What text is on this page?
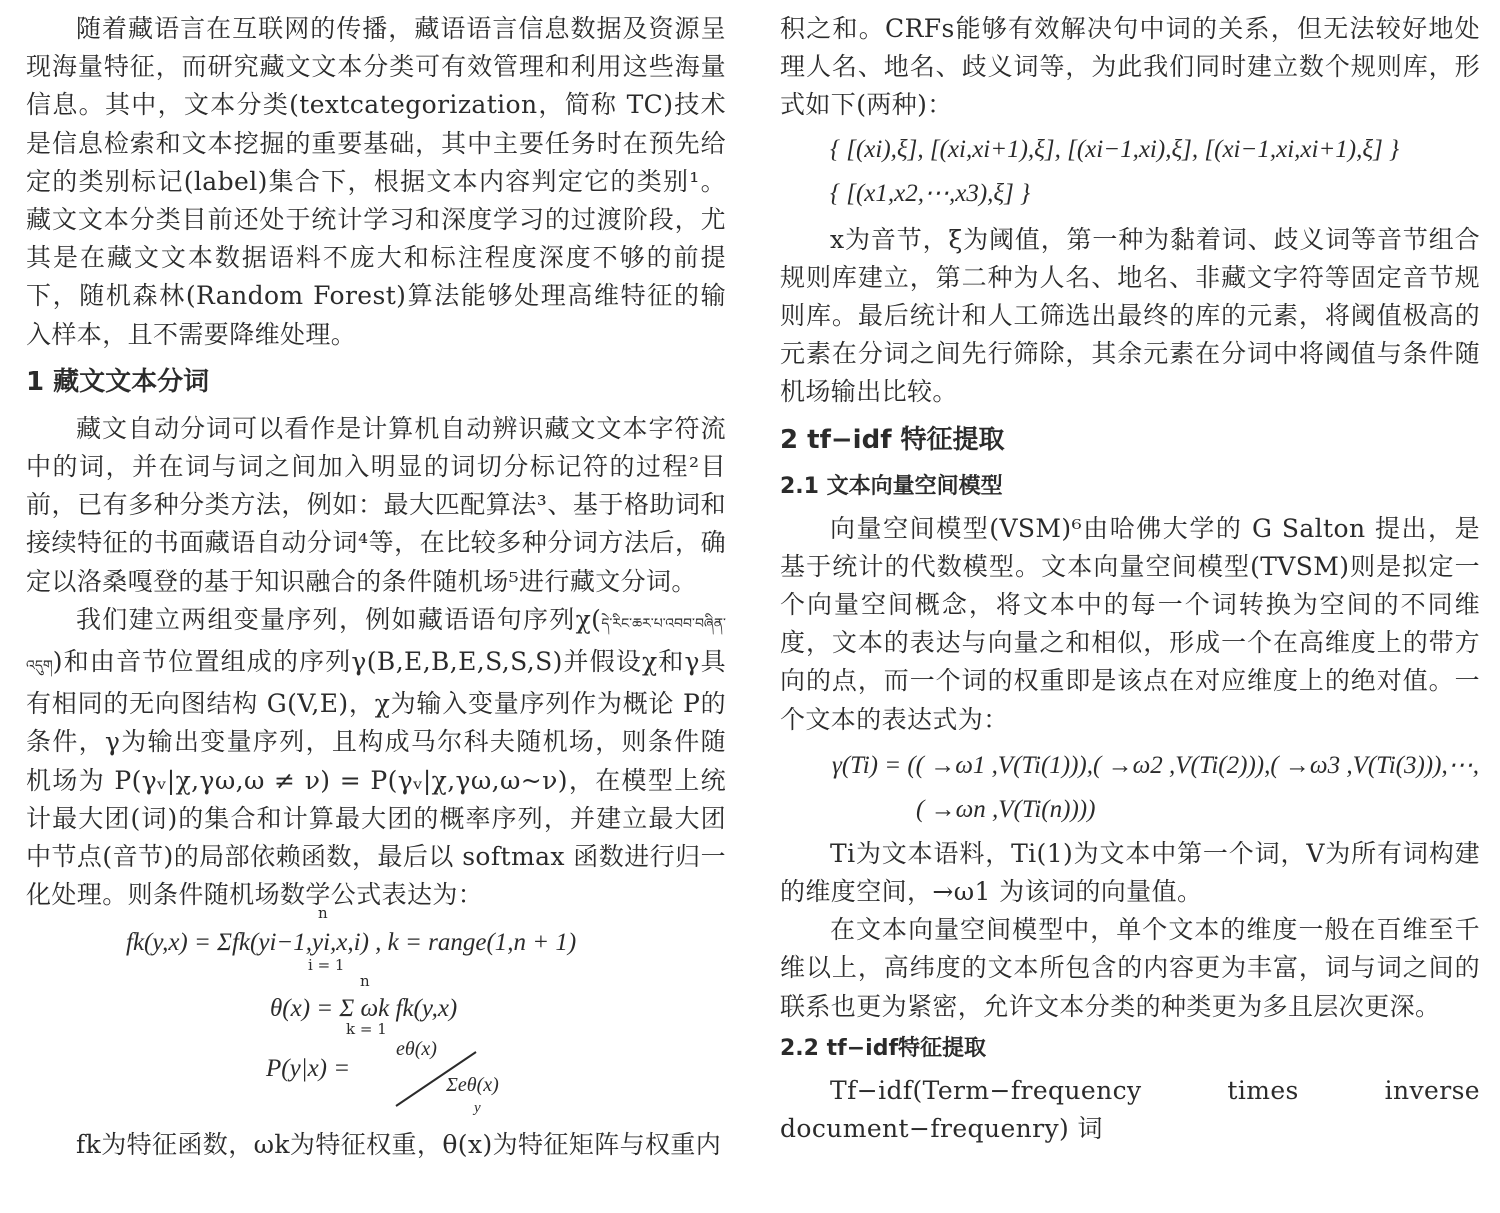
随着藏语言在互联网的传播，藏语语言信息数据及资源呈现海量特征，而研究藏文文本分类可有效管理和利用这些海量信息。其中，文本分类(textcategorization，简称 TC)技术是信息检索和文本挖掘的重要基础，其中主要任务时在预先给定的类别标记(label)集合下，根据文本内容判定它的类别¹。藏文文本分类目前还处于统计学习和深度学习的过渡阶段，尤其是在藏文文本数据语料不庞大和标注程度深度不够的前提下，随机森林(Random Forest)算法能够处理高维特征的输入样本，且不需要降维处理。

1 藏文文本分词

藏文自动分词可以看作是计算机自动辨识藏文文本字符流中的词，并在词与词之间加入明显的词切分标记符的过程²目前，已有多种分类方法，例如：最大匹配算法³、基于格助词和接续特征的书面藏语自动分词⁴等，在比较多种分词方法后，确定以洛桑嘎登的基于知识融合的条件随机场⁵进行藏文分词。

我们建立两组变量序列，例如藏语语句序列χ(དེ་རིང་ཆར་པ་འབབ་བཞིན་འདུག)和由音节位置组成的序列γ(B,E,B,E,S,S,S)并假设χ和γ具有相同的无向图结构 G(V,E)，χ为输入变量序列作为概论 P的条件，γ为输出变量序列，且构成马尔科夫随机场，则条件随机场为 P(γᵥ|χ,γω,ω ≠ ν) = P(γᵥ|χ,γω,ω~ν)，在模型上统计最大团(词)的集合和计算最大团的概率序列，并建立最大团中节点(音节)的局部依赖函数，最后以 softmax 函数进行归一化处理。则条件随机场数学公式表达为：

fk(y,x) = Σfk(yi−1,yi,x,i) , k = range(1,n + 1)
n
i = 1
θ(x) = Σ ωk fk(y,x)
n
k = 1
P(y|x) =
eθ(x)
Σeθ(x)
y

fk为特征函数，ωk为特征权重，θ(x)为特征矩阵与权重内

积之和。CRFs能够有效解决句中词的关系，但无法较好地处理人名、地名、歧义词等，为此我们同时建立数个规则库，形式如下(两种)：

{ [(xi),ξ], [(xi,xi+1),ξ], [(xi−1,xi),ξ], [(xi−1,xi,xi+1),ξ] }
{ [(x1,x2,⋯,x3),ξ] }

x为音节，ξ为阈值，第一种为黏着词、歧义词等音节组合规则库建立，第二种为人名、地名、非藏文字符等固定音节规则库。最后统计和人工筛选出最终的库的元素，将阈值极高的元素在分词之间先行筛除，其余元素在分词中将阈值与条件随机场输出比较。

2 tf−idf 特征提取
2.1 文本向量空间模型

向量空间模型(VSM)⁶由哈佛大学的 G Salton 提出，是基于统计的代数模型。文本向量空间模型(TVSM)则是拟定一个向量空间概念，将文本中的每一个词转换为空间的不同维度，文本的表达与向量之和相似，形成一个在高维度上的带方向的点，而一个词的权重即是该点在对应维度上的绝对值。一个文本的表达式为：

γ(Ti) = (( →ω1 ,V(Ti(1))),( →ω2 ,V(Ti(2))),( →ω3 ,V(Ti(3))),⋯,
( →ωn ,V(Ti(n))))

Ti为文本语料，Ti(1)为文本中第一个词，V为所有词构建的维度空间，→ω1 为该词的向量值。

在文本向量空间模型中，单个文本的维度一般在百维至千维以上，高纬度的文本所包含的内容更为丰富，词与词之间的联系也更为紧密，允许文本分类的种类更为多且层次更深。

2.2 tf−idf特征提取

Tf−idf(Term−frequency times inverse document−frequenry) 词
